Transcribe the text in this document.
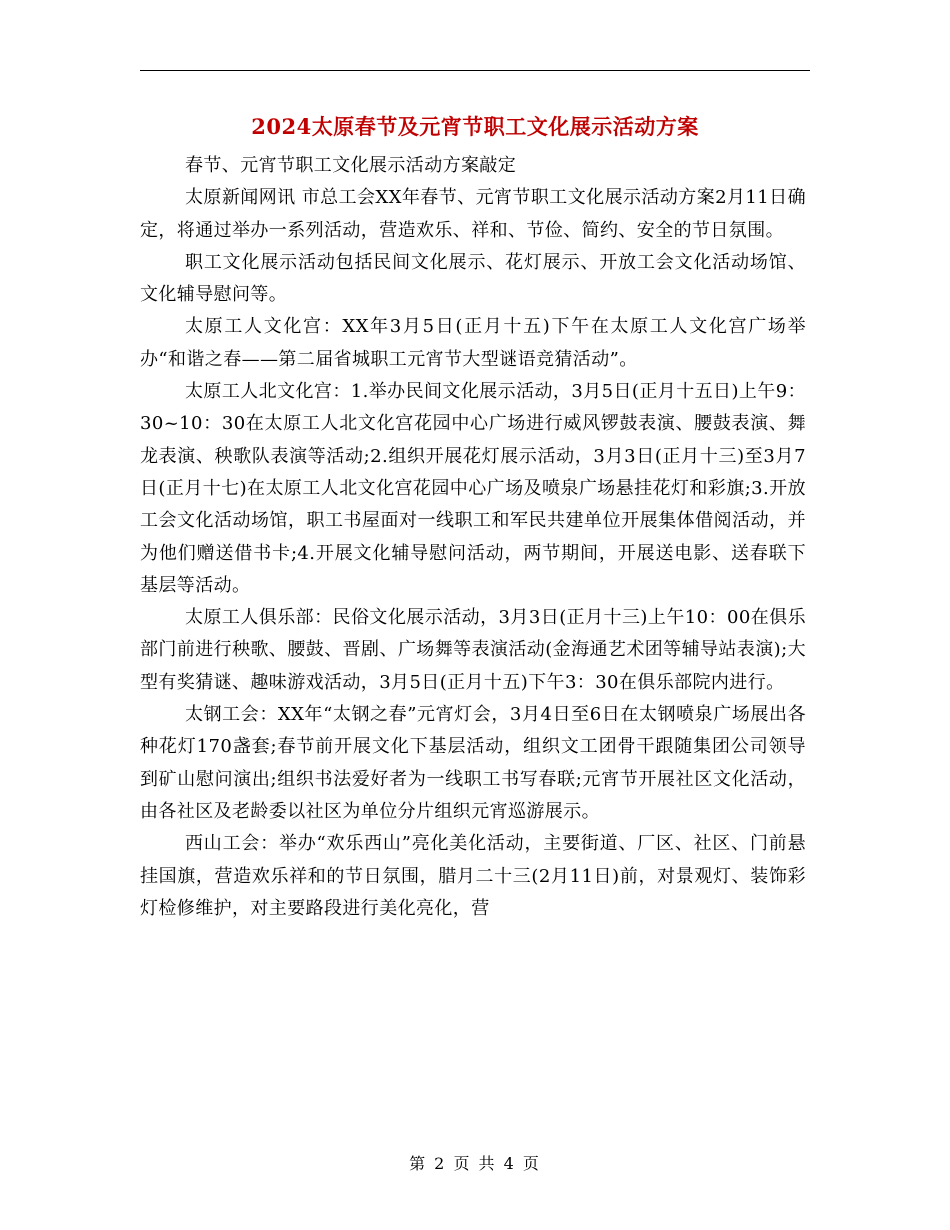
2024太原春节及元宵节职工文化展示活动方案

春节、元宵节职工文化展示活动方案敲定

太原新闻网讯 市总工会XX年春节、元宵节职工文化展示活动方案2月11日确定，将通过举办一系列活动，营造欢乐、祥和、节俭、简约、安全的节日氛围。

职工文化展示活动包括民间文化展示、花灯展示、开放工会文化活动场馆、文化辅导慰问等。

太原工人文化宫：XX年3月5日(正月十五)下午在太原工人文化宫广场举办“和谐之春——第二届省城职工元宵节大型谜语竞猜活动”。

太原工人北文化宫：1.举办民间文化展示活动，3月5日(正月十五日)上午9：30~10：30在太原工人北文化宫花园中心广场进行威风锣鼓表演、腰鼓表演、舞龙表演、秧歌队表演等活动;2.组织开展花灯展示活动，3月3日(正月十三)至3月7日(正月十七)在太原工人北文化宫花园中心广场及喷泉广场悬挂花灯和彩旗;3.开放工会文化活动场馆，职工书屋面对一线职工和军民共建单位开展集体借阅活动，并为他们赠送借书卡;4.开展文化辅导慰问活动，两节期间，开展送电影、送春联下基层等活动。

太原工人俱乐部：民俗文化展示活动，3月3日(正月十三)上午10：00在俱乐部门前进行秧歌、腰鼓、晋剧、广场舞等表演活动(金海通艺术团等辅导站表演);大型有奖猜谜、趣味游戏活动，3月5日(正月十五)下午3：30在俱乐部院内进行。

太钢工会：XX年“太钢之春”元宵灯会，3月4日至6日在太钢喷泉广场展出各种花灯170盏套;春节前开展文化下基层活动，组织文工团骨干跟随集团公司领导到矿山慰问演出;组织书法爱好者为一线职工书写春联;元宵节开展社区文化活动，由各社区及老龄委以社区为单位分片组织元宵巡游展示。

西山工会：举办“欢乐西山”亮化美化活动，主要街道、厂区、社区、门前悬挂国旗，营造欢乐祥和的节日氛围，腊月二十三(2月11日)前，对景观灯、装饰彩灯检修维护，对主要路段进行美化亮化，营

第 2 页 共 4 页
